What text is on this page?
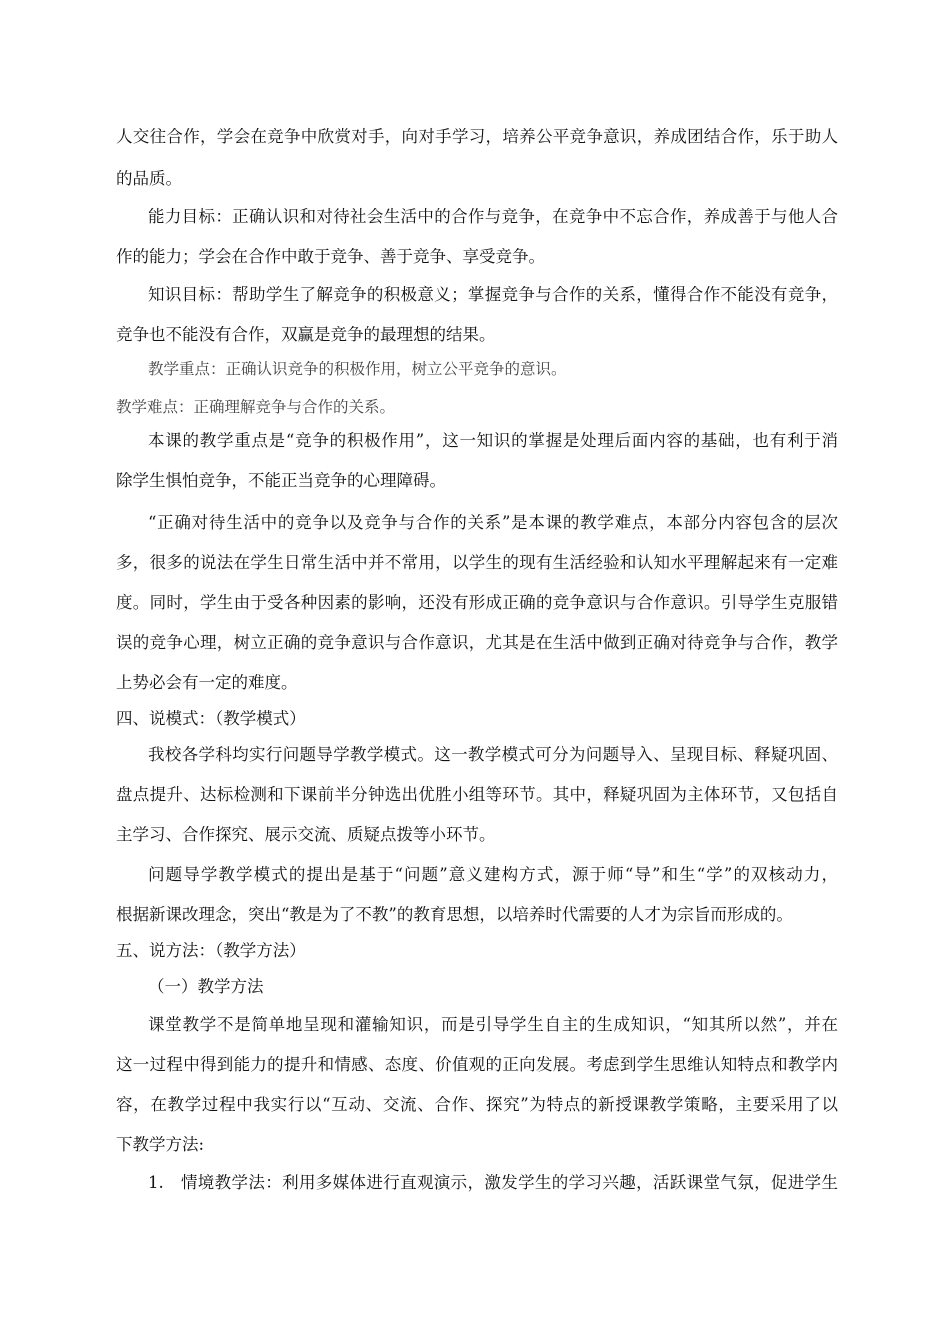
人交往合作，学会在竞争中欣赏对手，向对手学习，培养公平竞争意识，养成团结合作，乐于助人
的品质。
能力目标：正确认识和对待社会生活中的合作与竞争，在竞争中不忘合作，养成善于与他人合
作的能力；学会在合作中敢于竞争、善于竞争、享受竞争。
知识目标：帮助学生了解竞争的积极意义；掌握竞争与合作的关系，懂得合作不能没有竞争，
竞争也不能没有合作，双赢是竞争的最理想的结果。
教学重点：正确认识竞争的积极作用，树立公平竞争的意识。
教学难点：正确理解竞争与合作的关系。
本课的教学重点是“竞争的积极作用”，这一知识的掌握是处理后面内容的基础，也有利于消
除学生惧怕竞争，不能正当竞争的心理障碍。
“正确对待生活中的竞争以及竞争与合作的关系”是本课的教学难点，本部分内容包含的层次
多，很多的说法在学生日常生活中并不常用，以学生的现有生活经验和认知水平理解起来有一定难
度。同时，学生由于受各种因素的影响，还没有形成正确的竞争意识与合作意识。引导学生克服错
误的竞争心理，树立正确的竞争意识与合作意识，尤其是在生活中做到正确对待竞争与合作，教学
上势必会有一定的难度。
四、说模式：（教学模式）
我校各学科均实行问题导学教学模式。这一教学模式可分为问题导入、呈现目标、释疑巩固、
盘点提升、达标检测和下课前半分钟选出优胜小组等环节。其中，释疑巩固为主体环节，又包括自
主学习、合作探究、展示交流、质疑点拨等小环节。
问题导学教学模式的提出是基于“问题”意义建构方式，源于师“导”和生“学”的双核动力，
根据新课改理念，突出“教是为了不教”的教育思想，以培养时代需要的人才为宗旨而形成的。
五、说方法：（教学方法）
（一）教学方法
课堂教学不是简单地呈现和灌输知识，而是引导学生自主的生成知识，“知其所以然”，并在
这一过程中得到能力的提升和情感、态度、价值观的正向发展。考虑到学生思维认知特点和教学内
容，在教学过程中我实行以“互动、交流、合作、探究”为特点的新授课教学策略，主要采用了以
下教学方法:
1.　情境教学法：利用多媒体进行直观演示，激发学生的学习兴趣，活跃课堂气氛，促进学生
